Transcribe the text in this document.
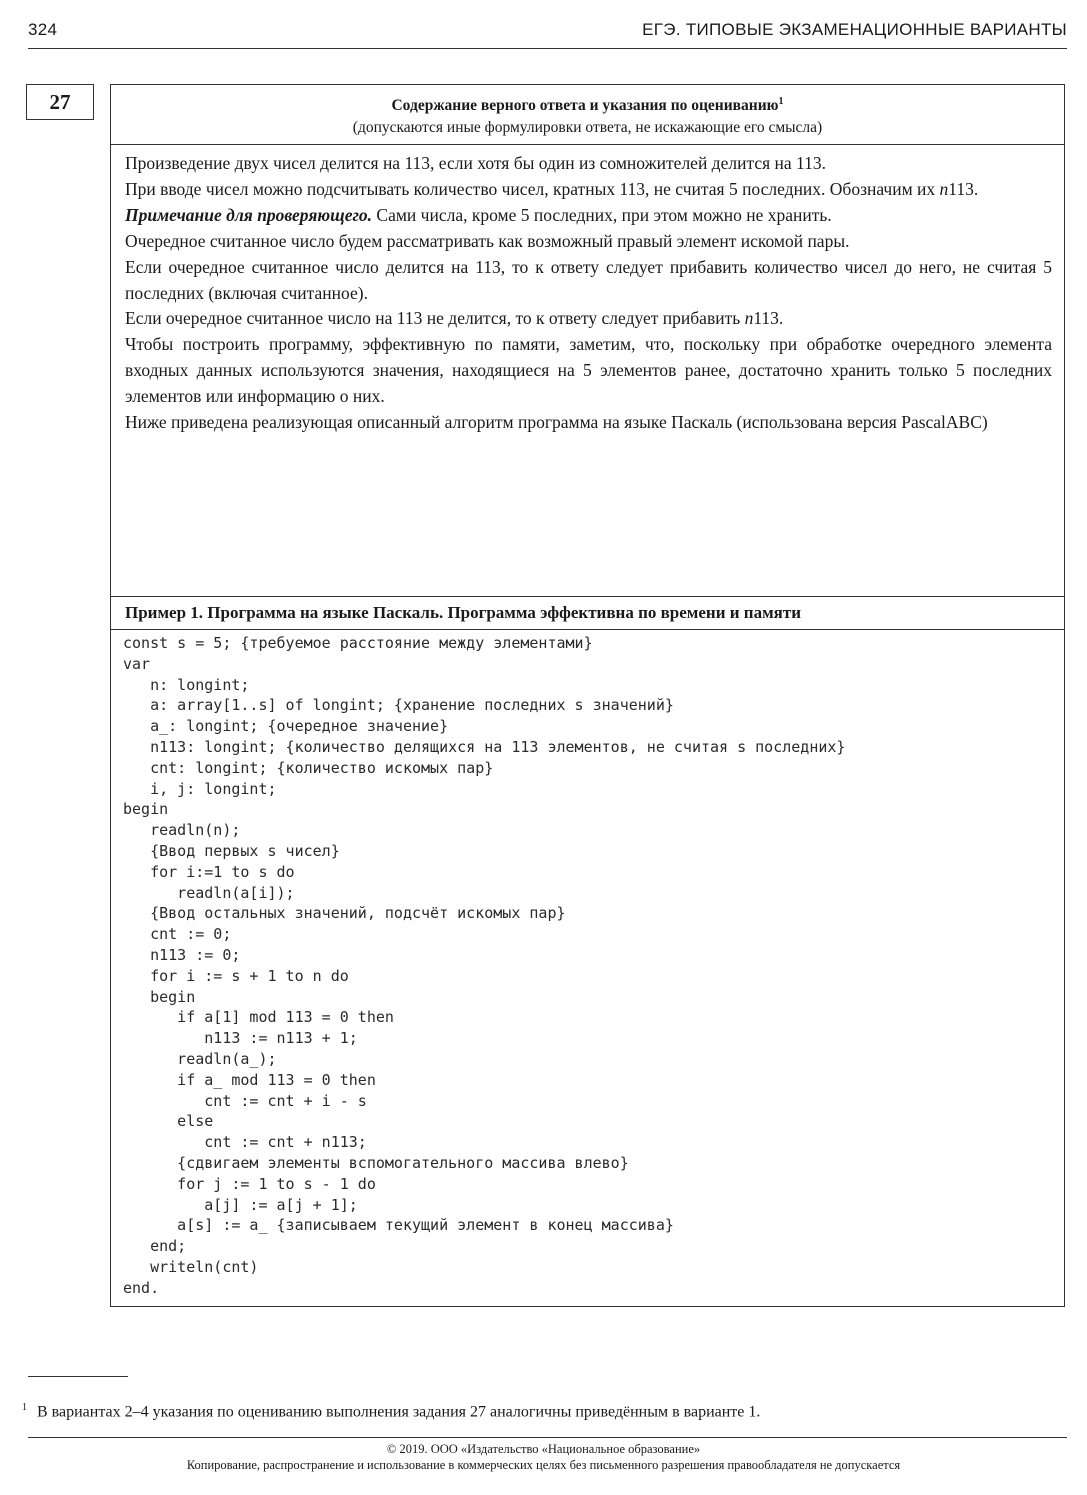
324	ЕГЭ. ТИПОВЫЕ ЭКЗАМЕНАЦИОННЫЕ ВАРИАНТЫ
27	Содержание верного ответа и указания по оцениванию$^1$
(допускаются иные формулировки ответа, не искажающие его смысла)

Произведение двух чисел делится на 113, если хотя бы один из сомножителей делится на 113.

При вводе чисел можно подсчитывать количество чисел, кратных 113, не считая 5 последних. Обозначим их n113.

Примечание для проверяющего. Сами числа, кроме 5 последних, при этом можно не хранить.

Очередное считанное число будем рассматривать как возможный правый элемент искомой пары.

Если очередное считанное число делится на 113, то к ответу следует прибавить количество чисел до него, не считая 5 последних (включая считанное).

Если очередное считанное число на 113 не делится, то к ответу следует прибавить n113.

Чтобы построить программу, эффективную по памяти, заметим, что, поскольку при обработке очередного элемента входных данных используются значения, находящиеся на 5 элементов ранее, достаточно хранить только 5 последних элементов или информацию о них.

Ниже приведена реализующая описанный алгоритм программа на языке Паскаль (использована версия PascalABC)

Пример 1. Программа на языке Паскаль. Программа эффективна по времени и памяти
const s = 5; {требуемое расстояние между элементами}
var
n: longint;
a: array[1..s] of longint; {хранение последних s значений}
a_: longint; {очередное значение}
n113: longint; {количество делящихся на 113 элементов, не считая s последних}
cnt: longint; {количество искомых пар}
i, j: longint;
begin
readln(n);
{Ввод первых s чисел}
for i:=1 to s do
readln(a[i]);
{Ввод остальных значений, подсчёт искомых пар}
cnt := 0;
n113 := 0;
for i := s + 1 to n do
begin
if a[1] mod 113 = 0 then
n113 := n113 + 1;
readln(a_);
if a_ mod 113 = 0 then
cnt := cnt + i - s
else
cnt := cnt + n113;
{сдвигаем элементы вспомогательного массива влево}
for j := 1 to s - 1 do
a[j] := a[j + 1];
a[s] := a_ {записываем текущий элемент в конец массива}
end;
writeln(cnt)
end.
$^1$ В вариантах 2–4 указания по оцениванию выполнения задания 27 аналогичны приведённым в варианте 1.
© 2019. ООО «Издательство «Национальное образование»
Копирование, распространение и использование в коммерческих целях без письменного разрешения правообладателя не допускается
